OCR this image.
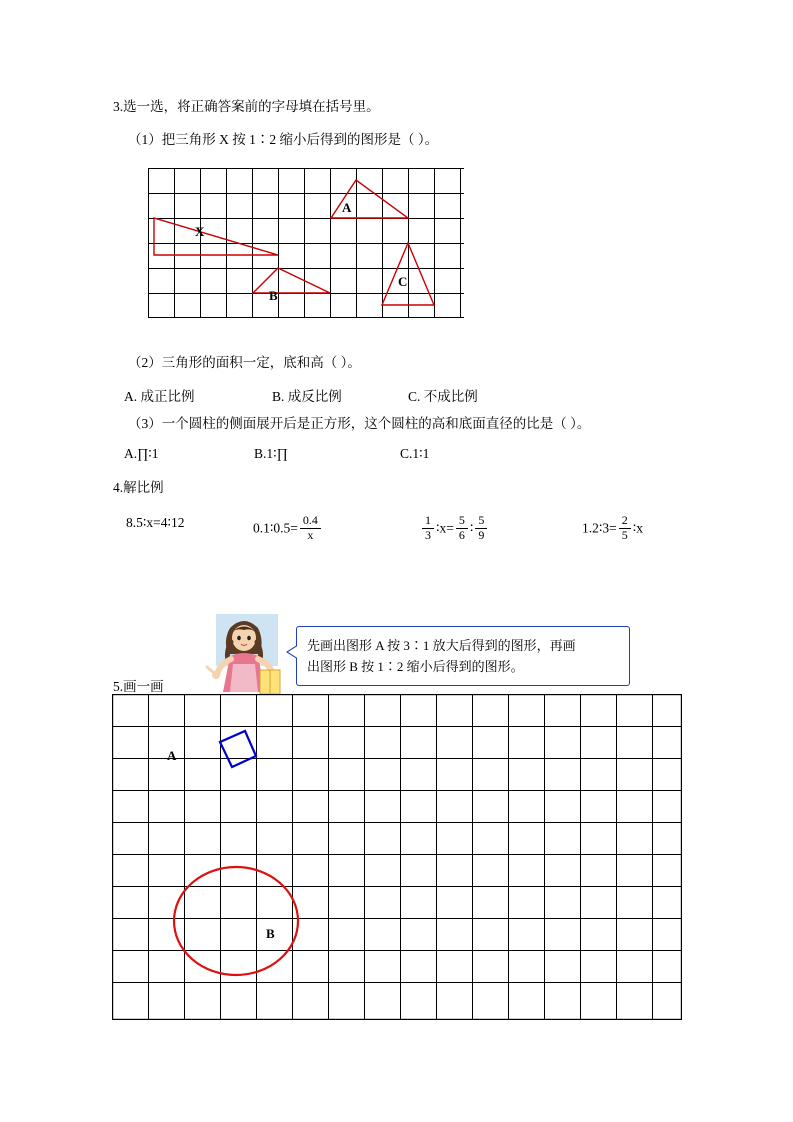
3.选一选，将正确答案前的字母填在括号里。
（1）把三角形 X 按 1∶2 缩小后得到的图形是（ ）。
X
A
B
C
（2）三角形的面积一定，底和高（ ）。
A. 成正比例	B. 成反比例	C. 不成比例
（3）一个圆柱的侧面展开后是正方形，这个圆柱的高和底面直径的比是（ ）。
A.∏∶1	B.1∶∏	C.1∶1
4.解比例
8.5∶x=4∶12	0.1∶0.5= $\frac{0.4}{x}$	$\frac{1}{3}$ ∶x= $\frac{5}{6}$ ∶ $\frac{5}{9}$	1.2∶3= $\frac{2}{5}$ ∶x
先画出图形 A 按 3∶1 放大后得到的图形，再画
出图形 B 按 1∶2 缩小后得到的图形。
5.画一画
A
B
